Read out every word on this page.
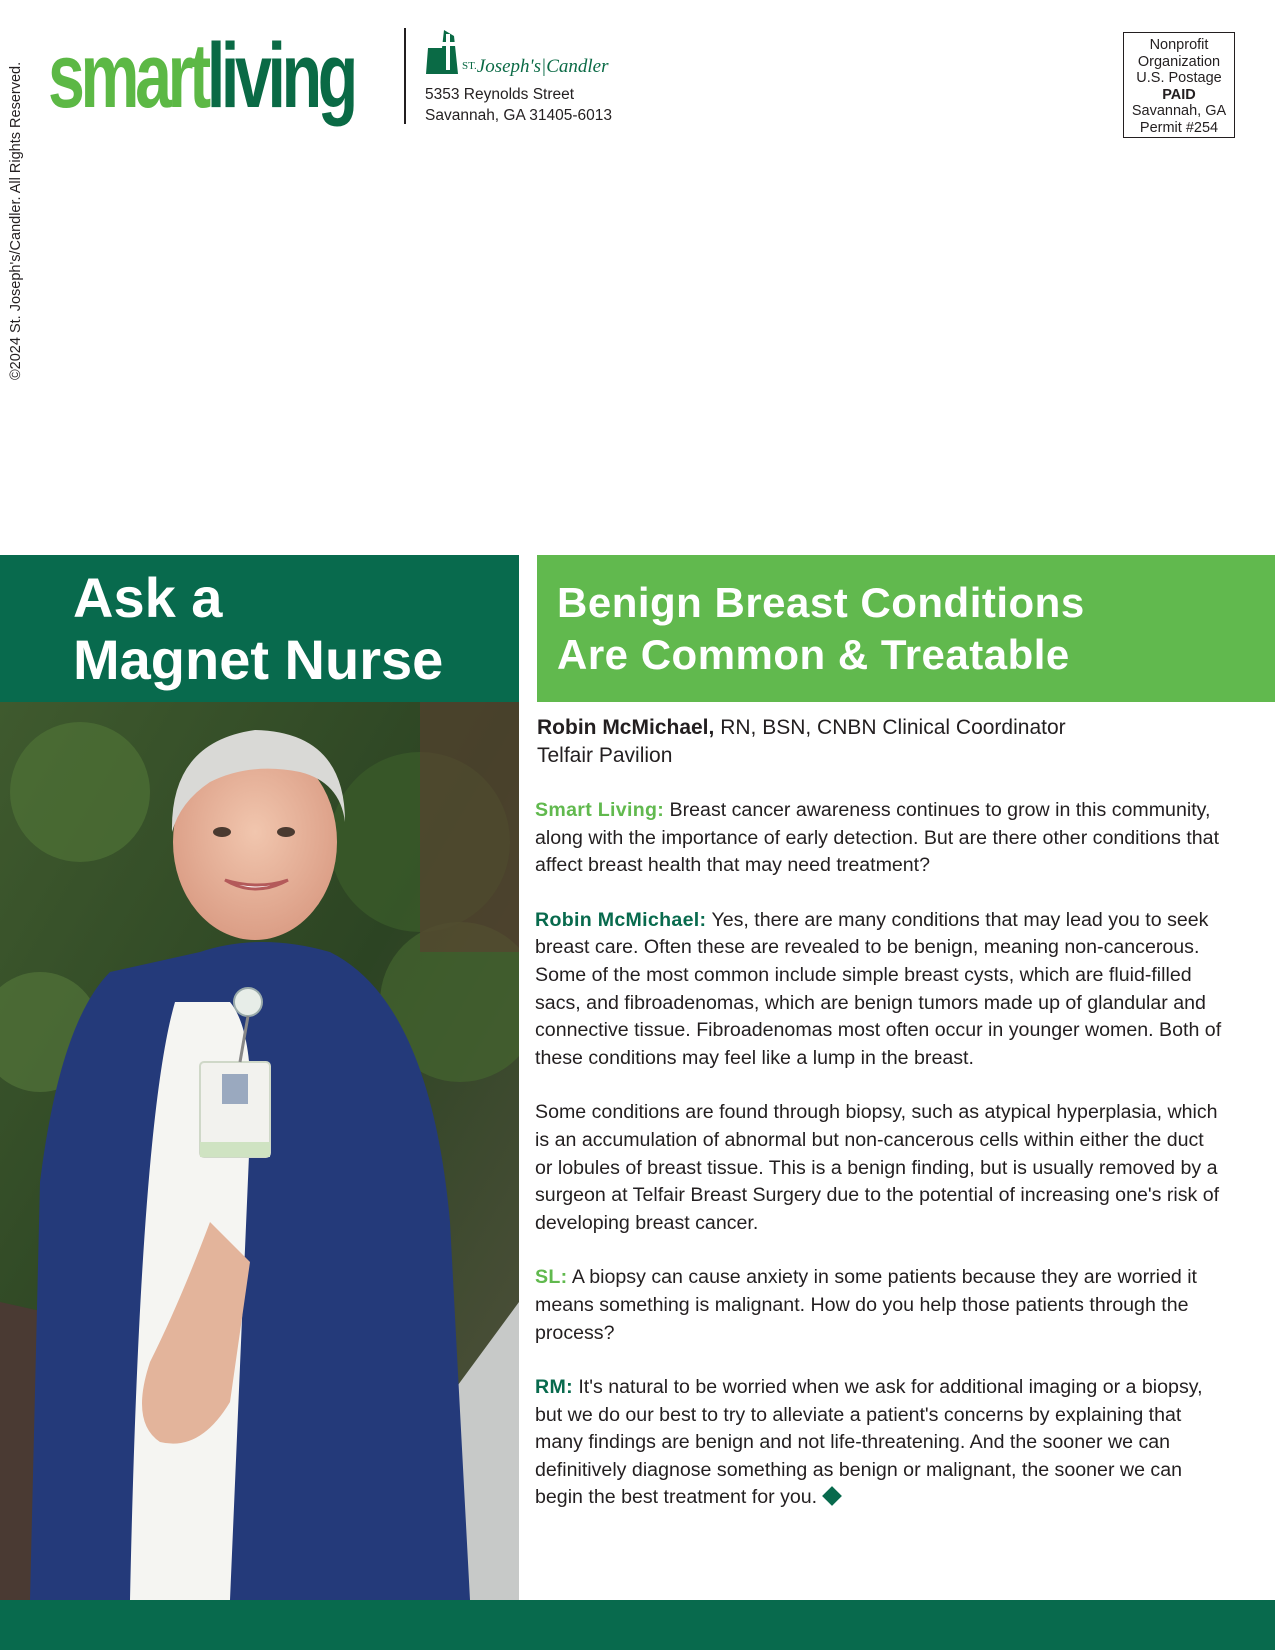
©2024 St. Joseph's/Candler. All Rights Reserved. smartliving	ST.Joseph's|Candler
5353 Reynolds Street
Savannah, GA 31405-6013
Nonprofit
Organization
U.S. Postage
PAID
Savannah, GA
Permit #254
Ask a
Magnet Nurse
Benign Breast Conditions
Are Common & Treatable
Robin McMichael, RN, BSN, CNBN Clinical Coordinator
Telfair Pavilion

Smart Living: Breast cancer awareness continues to grow in this community, along with the importance of early detection. But are there other conditions that affect breast health that may need treatment?

Robin McMichael: Yes, there are many conditions that may lead you to seek breast care. Often these are revealed to be benign, meaning non-cancerous. Some of the most common include simple breast cysts, which are fluid-filled sacs, and fibroadenomas, which are benign tumors made up of glandular and connective tissue. Fibroadenomas most often occur in younger women. Both of these conditions may feel like a lump in the breast.

Some conditions are found through biopsy, such as atypical hyperplasia, which is an accumulation of abnormal but non-cancerous cells within either the duct or lobules of breast tissue. This is a benign finding, but is usually removed by a surgeon at Telfair Breast Surgery due to the potential of increasing one's risk of developing breast cancer.

SL: A biopsy can cause anxiety in some patients because they are worried it means something is malignant. How do you help those patients through the process?

RM: It's natural to be worried when we ask for additional imaging or a biopsy, but we do our best to try to alleviate a patient's concerns by explaining that many findings are benign and not life-threatening. And the sooner we can definitively diagnose something as benign or malignant, the sooner we can begin the best treatment for you.
